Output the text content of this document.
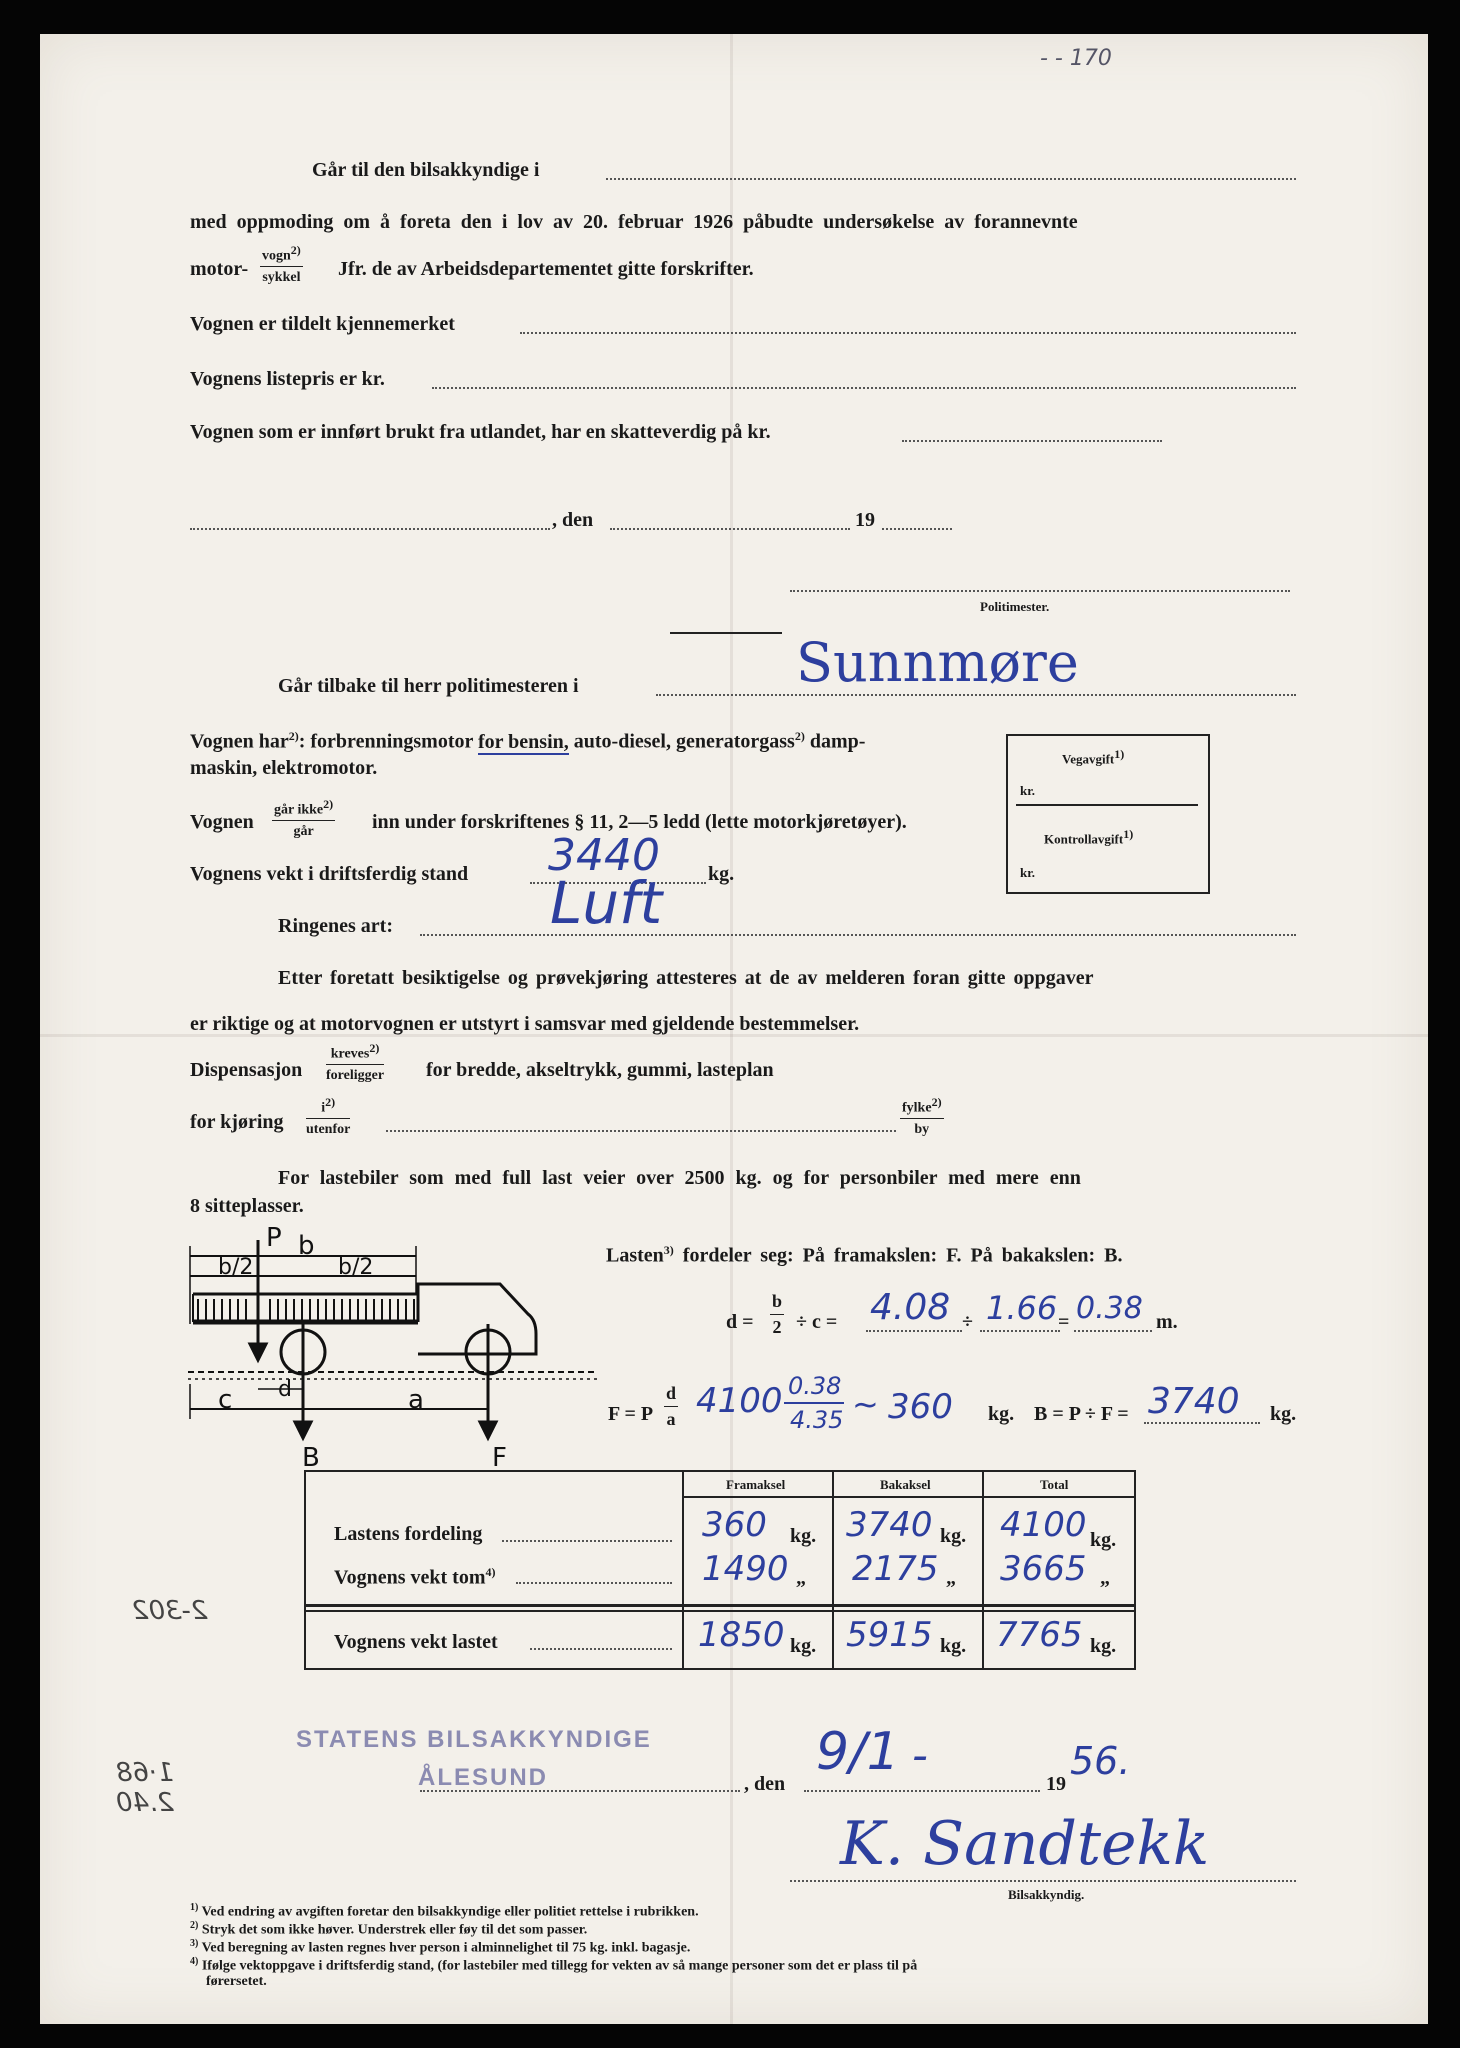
- - 170
Går til den bilsakkyndige i
med oppmoding om å foreta den i lov av 20. februar 1926 påbudte undersøkelse av forannevnte
motor-
vogn$^{2)}$
sykkel Jfr. de av Arbeidsdepartementet gitte forskrifter.
Vognen er tildelt kjennemerket
Vognens listepris er kr.
Vognen som er innført brukt fra utlandet, har en skatteverdig på kr.
, den	19
Politimester.
Går tilbake til herr politimesteren i	Sunnmøre
Vognen har$^{2)}$: forbrenningsmotor for bensin, auto-diesel, generatorgass$^{2)}$ damp-
maskin, elektromotor.	Vegavgift$^{1)}$
kr.
Kontrollavgift$^{1)}$
kr.
Vognen
går ikke$^{2)}$
går	inn under forskriftenes § 11, 2—5 ledd (lette motorkjøretøyer).
Vognens vekt i driftsferdig stand 3440 kg.
Ringenes art:	Luft
Etter foretatt besiktigelse og prøvekjøring attesteres at de av melderen foran gitte oppgaver
er riktige og at motorvognen er utstyrt i samsvar med gjeldende bestemmelser.
Dispensasjon
kreves$^{2)}$
foreligger for bredde, akseltrykk, gummi, lasteplan
for kjøring
$i^{2)}$
utenfor
fylke$^{2)}$
by
For lastebiler som med full last veier over 2500 kg. og for personbiler med mere enn
8 sitteplasser.
P b
b/2	b/2
c d	a
B	F
Lasten$^{3)}$ fordeler seg: På framakslen: F. På bakakslen: B.
$d = \frac{b}{2} \div c = 4.08 \div 1.66 = 0.38$ m.
F = P $\frac{d}{a} 4100$ 0.38
4.35 ~ 360 kg. B = P ÷ F = 3740 kg.
Framaksel	Bakaksel	Total
Lastens fordeling	360 kg. 3740 kg. 4100 kg.
Vognens vekt tom$^{4)}$	1490 „ 2175 „ 3665 „
Vognens vekt lastet	1850 kg. 5915 kg. 7765 kg.
STATENS BILSAKKYNDIGE
ÅLESUND	, den
9/1 -
19
56.
K. Sandtekk
Bilsakkyndig.
2-302
1·68
2.40
$^{1)}$ Ved endring av avgiften foretar den bilsakkyndige eller politiet rettelse i rubrikken.
$^{2)}$ Stryk det som ikke høver. Understrek eller føy til det som passer.
$^{3)}$ Ved beregning av lasten regnes hver person i alminnelighet til 75 kg. inkl. bagasje.
$^{4)}$ Ifølge vektoppgave i driftsferdig stand, (for lastebiler med tillegg for vekten av så mange personer som det er plass til på
førersetet.
